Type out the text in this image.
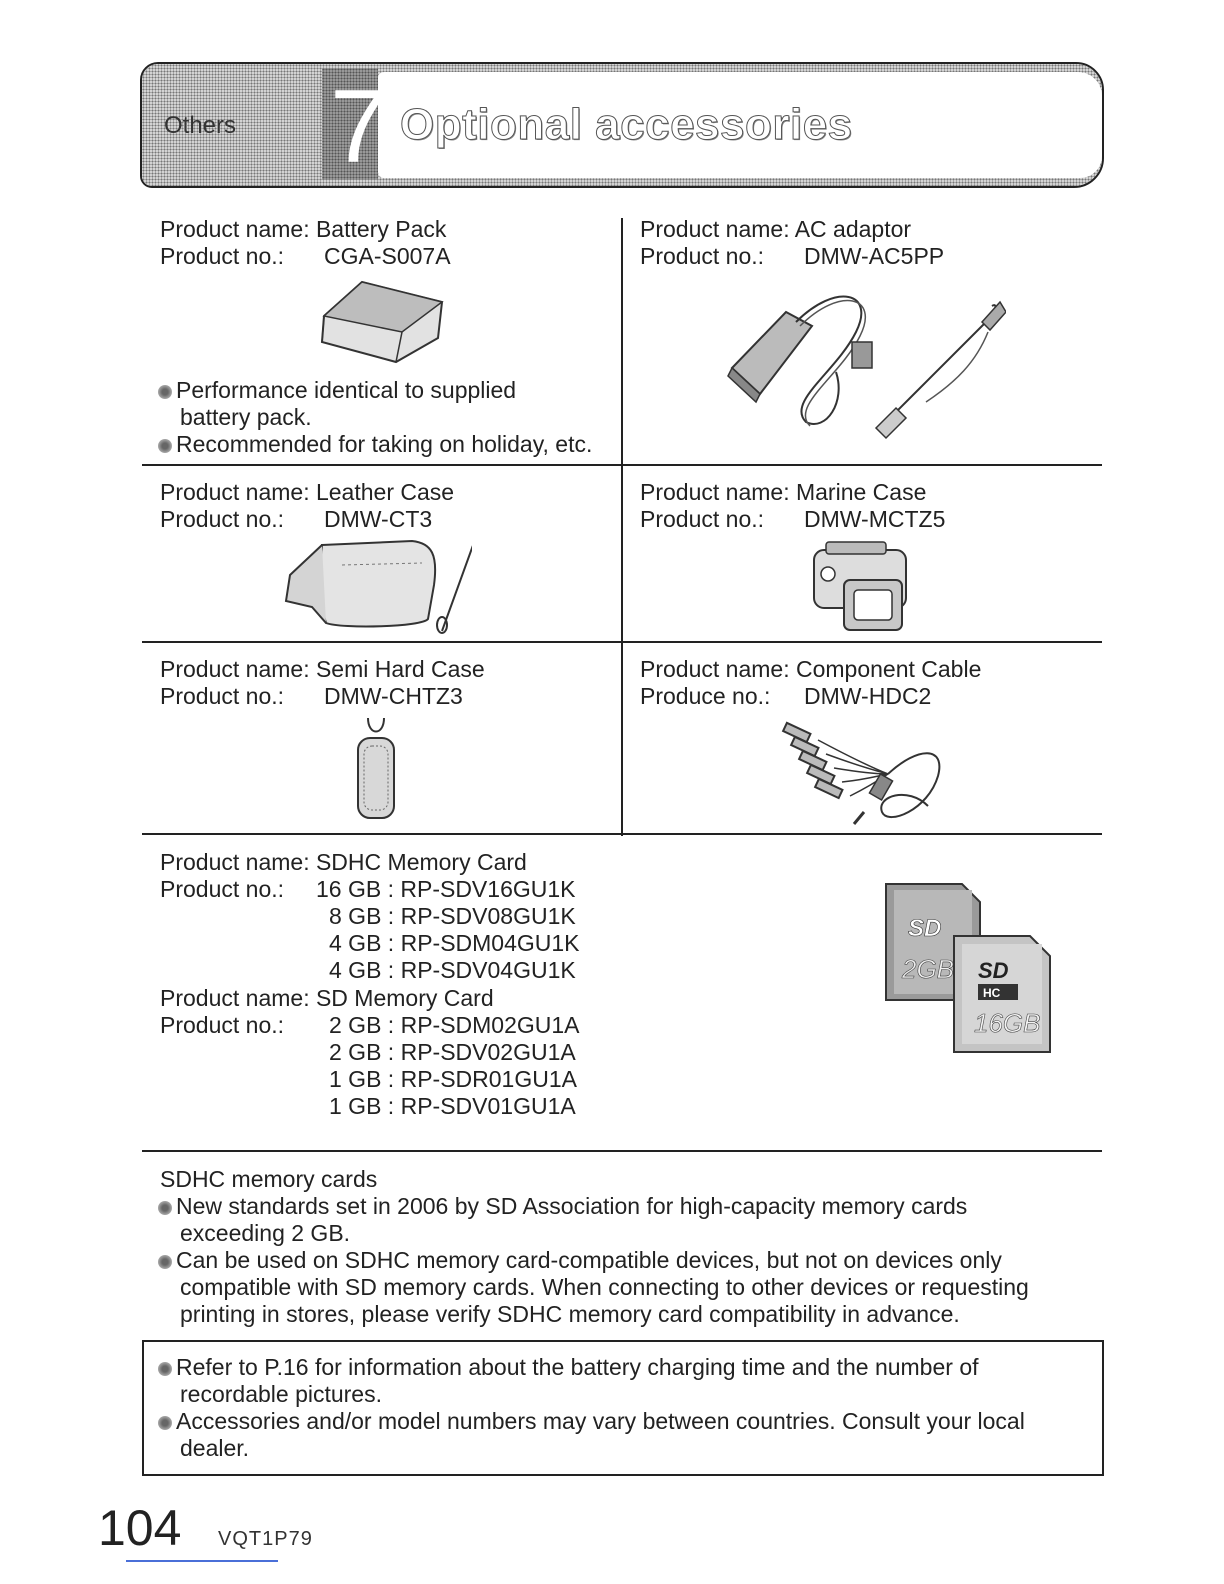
Others 7 Optional accessories
Product name: Battery Pack
Product no.: CGA-S007A
Performance identical to supplied
battery pack.
Recommended for taking on holiday, etc.
Product name: AC adaptor
Product no.: DMW-AC5PP
Product name: Leather Case
Product no.: DMW-CT3
Product name: Marine Case
Product no.: DMW-MCTZ5
Product name: Semi Hard Case
Product no.: DMW-CHTZ3
Product name: Component Cable
Produce no.: DMW-HDC2
Product name: SDHC Memory Card
Product no.: 16 GB : RP-SDV16GU1K
8 GB : RP-SDV08GU1K
4 GB : RP-SDM04GU1K
4 GB : RP-SDV04GU1K
Product name: SD Memory Card
Product no.: 2 GB : RP-SDM02GU1A
2 GB : RP-SDV02GU1A
1 GB : RP-SDR01GU1A
1 GB : RP-SDV01GU1A
SD
2GB SD
HC
16GB
SDHC memory cards
New standards set in 2006 by SD Association for high-capacity memory cards
exceeding 2 GB.
Can be used on SDHC memory card-compatible devices, but not on devices only
compatible with SD memory cards. When connecting to other devices or requesting
printing in stores, please verify SDHC memory card compatibility in advance.
Refer to P.16 for information about the battery charging time and the number of
recordable pictures.
Accessories and/or model numbers may vary between countries. Consult your local
dealer.
104 VQT1P79
